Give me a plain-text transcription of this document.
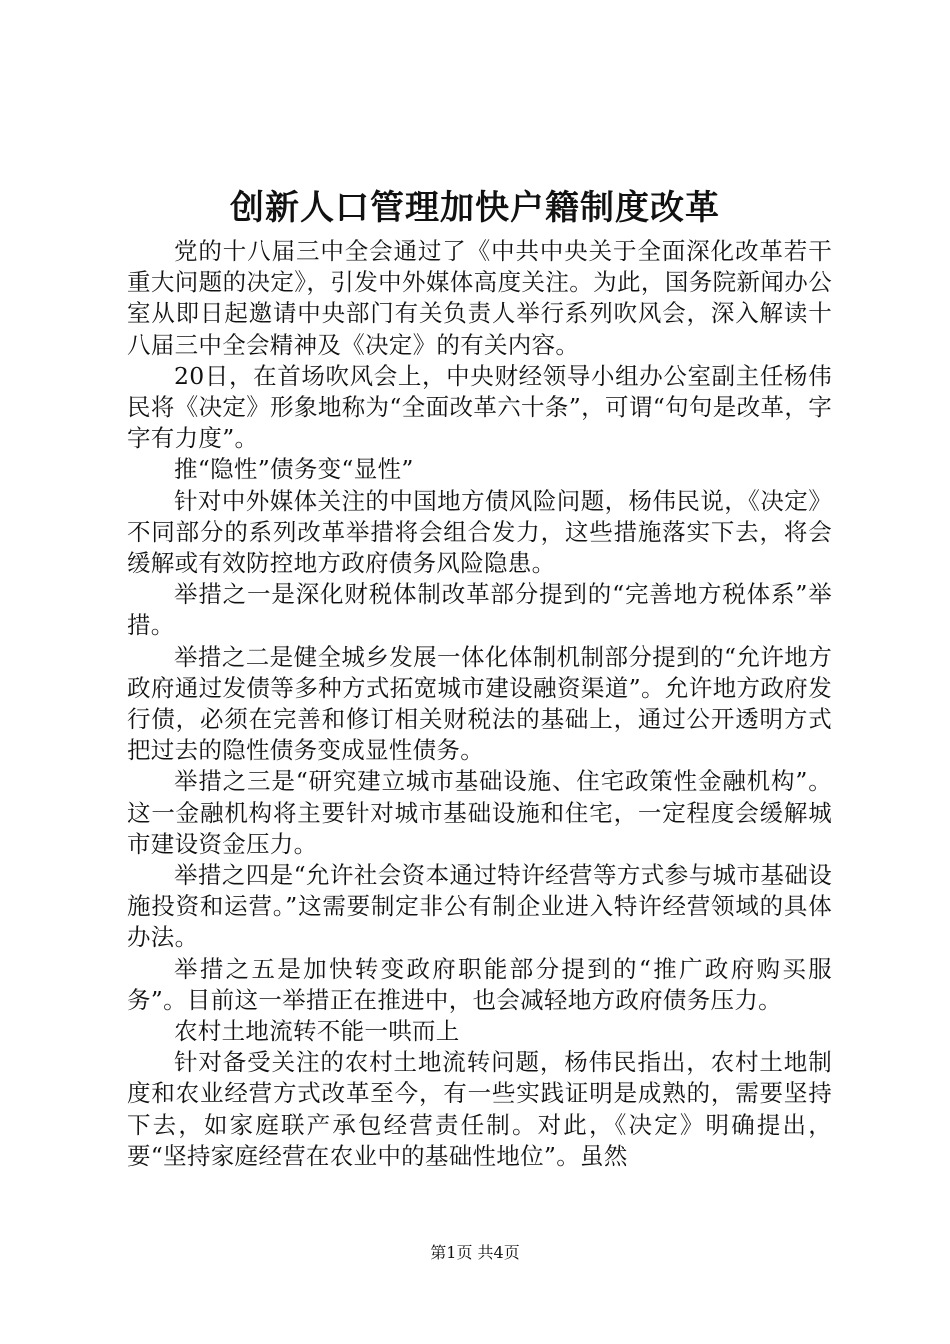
创新人口管理加快户籍制度改革

党的十八届三中全会通过了《中共中央关于全面深化改革若干重大问题的决定》，引发中外媒体高度关注。为此，国务院新闻办公室从即日起邀请中央部门有关负责人举行系列吹风会，深入解读十八届三中全会精神及《决定》的有关内容。

20日，在首场吹风会上，中央财经领导小组办公室副主任杨伟民将《决定》形象地称为“全面改革六十条”，可谓“句句是改革，字字有力度”。

推“隐性”债务变“显性”

针对中外媒体关注的中国地方债风险问题，杨伟民说，《决定》不同部分的系列改革举措将会组合发力，这些措施落实下去，将会缓解或有效防控地方政府债务风险隐患。

举措之一是深化财税体制改革部分提到的“完善地方税体系”举措。

举措之二是健全城乡发展一体化体制机制部分提到的“允许地方政府通过发债等多种方式拓宽城市建设融资渠道”。允许地方政府发行债，必须在完善和修订相关财税法的基础上，通过公开透明方式把过去的隐性债务变成显性债务。

举措之三是“研究建立城市基础设施、住宅政策性金融机构”。这一金融机构将主要针对城市基础设施和住宅，一定程度会缓解城市建设资金压力。

举措之四是“允许社会资本通过特许经营等方式参与城市基础设施投资和运营。”这需要制定非公有制企业进入特许经营领域的具体办法。

举措之五是加快转变政府职能部分提到的“推广政府购买服务”。目前这一举措正在推进中，也会减轻地方政府债务压力。

农村土地流转不能一哄而上

针对备受关注的农村土地流转问题，杨伟民指出，农村土地制度和农业经营方式改革至今，有一些实践证明是成熟的，需要坚持下去，如家庭联产承包经营责任制。对此，《决定》明确提出，要“坚持家庭经营在农业中的基础性地位”。虽然

第1页 共4页
